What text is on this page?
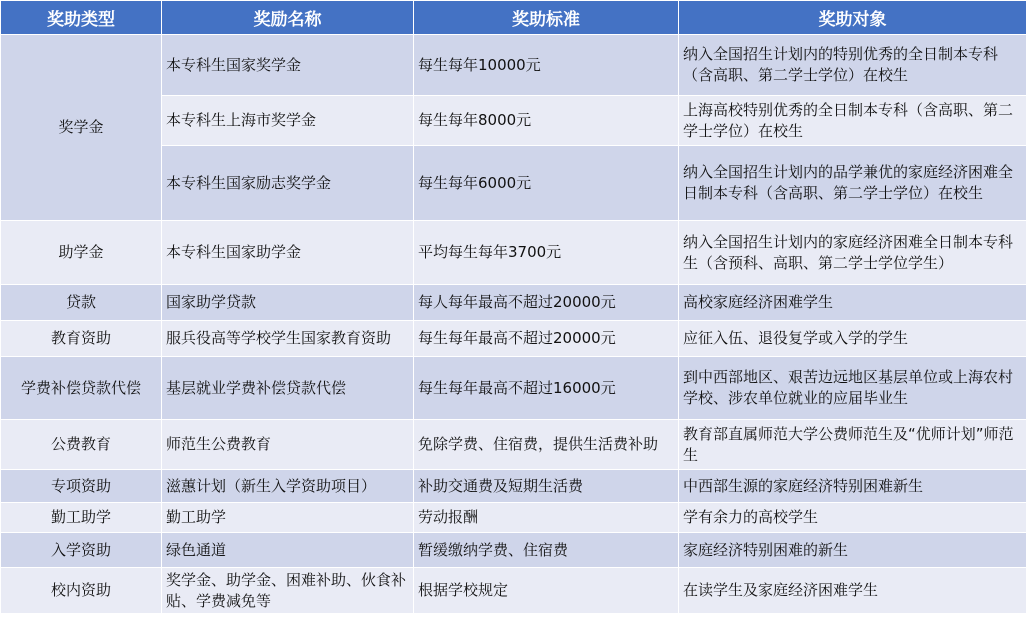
奖助类型	奖励名称	奖助标准	奖助对象
奖学金	本专科生国家奖学金	每生每年10000元	纳入全国招生计划内的特别优秀的全日制本专科（含高职、第二学士学位）在校生
	本专科生上海市奖学金	每生每年8000元	上海高校特别优秀的全日制本专科（含高职、第二学士学位）在校生
	本专科生国家励志奖学金	每生每年6000元	纳入全国招生计划内的品学兼优的家庭经济困难全日制本专科（含高职、第二学士学位）在校生
助学金	本专科生国家助学金	平均每生每年3700元	纳入全国招生计划内的家庭经济困难全日制本专科生（含预科、高职、第二学士学位学生）
贷款	国家助学贷款	每人每年最高不超过20000元	高校家庭经济困难学生
教育资助	服兵役高等学校学生国家教育资助	每生每年最高不超过20000元	应征入伍、退役复学或入学的学生
学费补偿贷款代偿	基层就业学费补偿贷款代偿	每生每年最高不超过16000元	到中西部地区、艰苦边远地区基层单位或上海农村学校、涉农单位就业的应届毕业生
公费教育	师范生公费教育	免除学费、住宿费，提供生活费补助	教育部直属师范大学公费师范生及“优师计划”师范生
专项资助	滋蕙计划（新生入学资助项目）	补助交通费及短期生活费	中西部生源的家庭经济特别困难新生
勤工助学	勤工助学	劳动报酬	学有余力的高校学生
入学资助	绿色通道	暂缓缴纳学费、住宿费	家庭经济特别困难的新生
校内资助	奖学金、助学金、困难补助、伙食补贴、学费减免等	根据学校规定	在读学生及家庭经济困难学生
